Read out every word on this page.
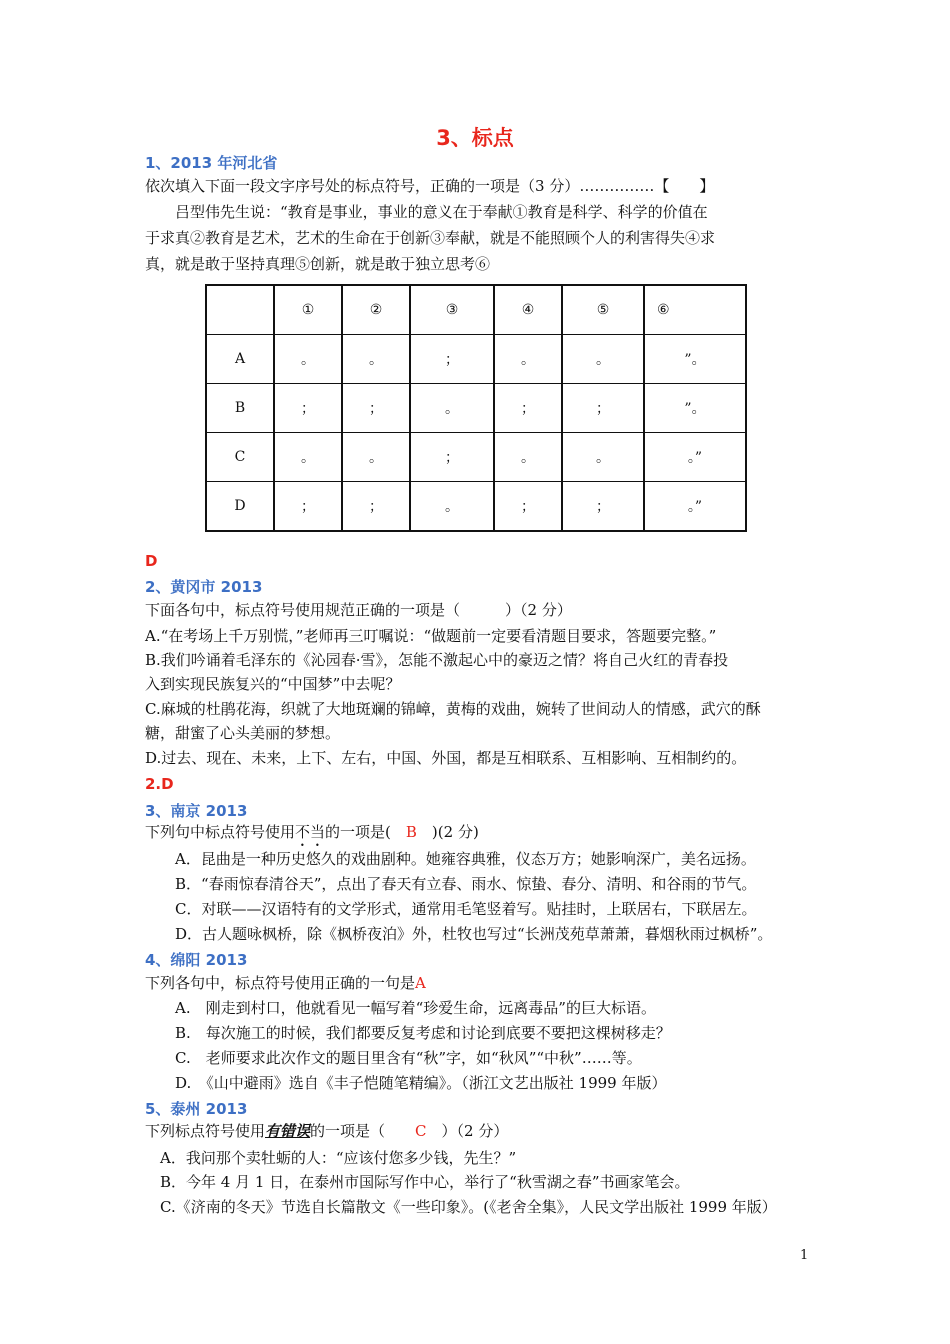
3、标点
1、2013 年河北省
依次填入下面一段文字序号处的标点符号，正确的一项是（3 分）……………【　　】
吕型伟先生说：“教育是事业，事业的意义在于奉献①教育是科学、科学的价值在
于求真②教育是艺术，艺术的生命在于创新③奉献，就是不能照顾个人的利害得失④求
真，就是敢于坚持真理⑤创新，就是敢于独立思考⑥
	①	②	③	④	⑤	⑥
A	。	。	；	。	。	”。
B	；	；	。	；	；	”。
C	。	。	；	。	。	。”
D	；	；	。	；	；	。”
D
2、黄冈市 2013
下面各句中，标点符号使用规范正确的一项是（　　　）（2 分）
A.“在考场上千万别慌，”老师再三叮嘱说：“做题前一定要看清题目要求，答题要完整。”
B.我们吟诵着毛泽东的《沁园春·雪》，怎能不激起心中的豪迈之情？将自己火红的青春投
入到实现民族复兴的“中国梦”中去呢？
C.麻城的杜鹃花海，织就了大地斑斓的锦嶂，黄梅的戏曲，婉转了世间动人的情感，武穴的酥
糖，甜蜜了心头美丽的梦想。
D.过去、现在、未来，上下、左右，中国、外国，都是互相联系、互相影响、互相制约的。
2.D
3、南京 2013
下列句中标点符号使用不当的一项是(　B　)(2 分)
A．昆曲是一种历史悠久的戏曲剧种。她雍容典雅，仪态万方；她影响深广，美名远扬。
B．“春雨惊春清谷天”，点出了春天有立春、雨水、惊蛰、春分、清明、和谷雨的节气。
C．对联——汉语特有的文学形式，通常用毛笔竖着写。贴挂时，上联居右，下联居左。
D．古人题咏枫桥，除《枫桥夜泊》外，杜牧也写过“长洲茂苑草萧萧，暮烟秋雨过枫桥”。
4、绵阳 2013
下列各句中，标点符号使用正确的一句是A
A.　刚走到村口，他就看见一幅写着“珍爱生命，远离毒品”的巨大标语。
B.　每次施工的时候，我们都要反复考虑和讨论到底要不要把这棵树移走？
C.　老师要求此次作文的题目里含有“秋”字，如“秋风”“中秋”……等。
D.　《山中避雨》选自《丰子恺随笔精编》。（浙江文艺出版社 1999 年版）
5、泰州 2013
下列标点符号使用有错误的一项是（　　C　）（2 分）
A．我问那个卖牡蛎的人：“应该付您多少钱，先生？”
B．今年 4 月 1 日，在泰州市国际写作中心，举行了“秋雪湖之春”书画家笔会。
C.《济南的冬天》节选自长篇散文《一些印象》。(《老舍全集》，人民文学出版社 1999 年版）
1
